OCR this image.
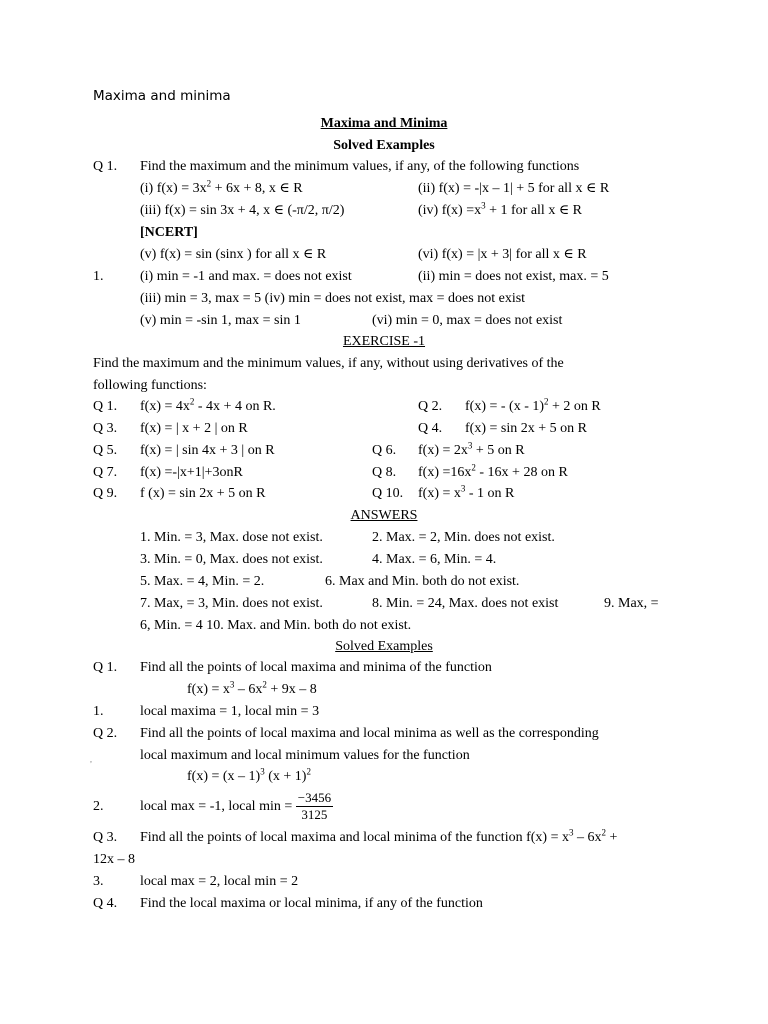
Maxima and minima
Maxima and Minima
Solved Examples
Q 1. Find the maximum and the minimum values, if any, of the following functions
(i) $f(x) = 3x^2 + 6x + 8$, x ∈ R	(ii) f(x) = -|x – 1| + 5 for all x ∈ R
(iii) f(x) = sin 3x + 4, x ∈ (-π/2, π/2)	(iv) $f(x) =x^3 + 1$ for all x ∈ R
[NCERT]
(v) f(x) = sin (sinx ) for all x ∈ R	(vi) f(x) = |x + 3| for all x ∈ R
1.	(i) min = -1 and max. = does not exist	(ii) min = does not exist, max. = 5
(iii) min = 3, max = 5 (iv) min = does not exist, max = does not exist
(v) min = -sin 1, max = sin 1	(vi) min = 0, max = does not exist
EXERCISE -1
Find the maximum and the minimum values, if any, without using derivatives of the
following functions:
Q 1. $f(x) = 4x^2 - 4x + 4$ on R.	Q 2. f(x) = - (x - 1)$^2$ + 2 on R
Q 3. f(x) = | x + 2 | on R	Q 4. f(x) = sin 2x + 5 on R
Q 5. f(x) = | sin 4x + 3 | on R	Q 6. $f(x) = 2x^3 + 5$ on R
Q 7. f(x) =-|x+1|+3onR	Q 8. $f(x) =16x^2 - 16x + 28$ on R
Q 9. f (x) = sin 2x + 5 on R	Q 10. $f(x) = x^3 - 1$ on R
ANSWERS
1. Min. = 3, Max. dose not exist.	2. Max. = 2, Min. does not exist.
3. Min. = 0, Max. does not exist.	4. Max. = 6, Min. = 4.
5. Max. = 4, Min. = 2.	6. Max and Min. both do not exist.
7. Max, = 3, Min. does not exist.	8. Min. = 24, Max. does not exist	9. Max, =
6, Min. = 4 10. Max. and Min. both do not exist.
Solved Examples
Q 1. Find all the points of local maxima and minima of the function
$f(x) = x^3 - 6x^2 + 9x - 8$
1.	local maxima = 1, local min = 3
Q 2. Find all the points of local maxima and local minima as well as the corresponding
local maximum and local minimum values for the function
,
f(x) = (x – 1)$^3$ $(x + 1)^2$
2.	local max = -1, local $\min = \frac{-3456}{3125}$
Q 3. Find all the points of local maxima and local minima of the function $f(x) = x^3 - 6x^2$ +
12x – 8
3.	local max = 2, local min = 2
Q 4. Find the local maxima or local minima, if any of the function
